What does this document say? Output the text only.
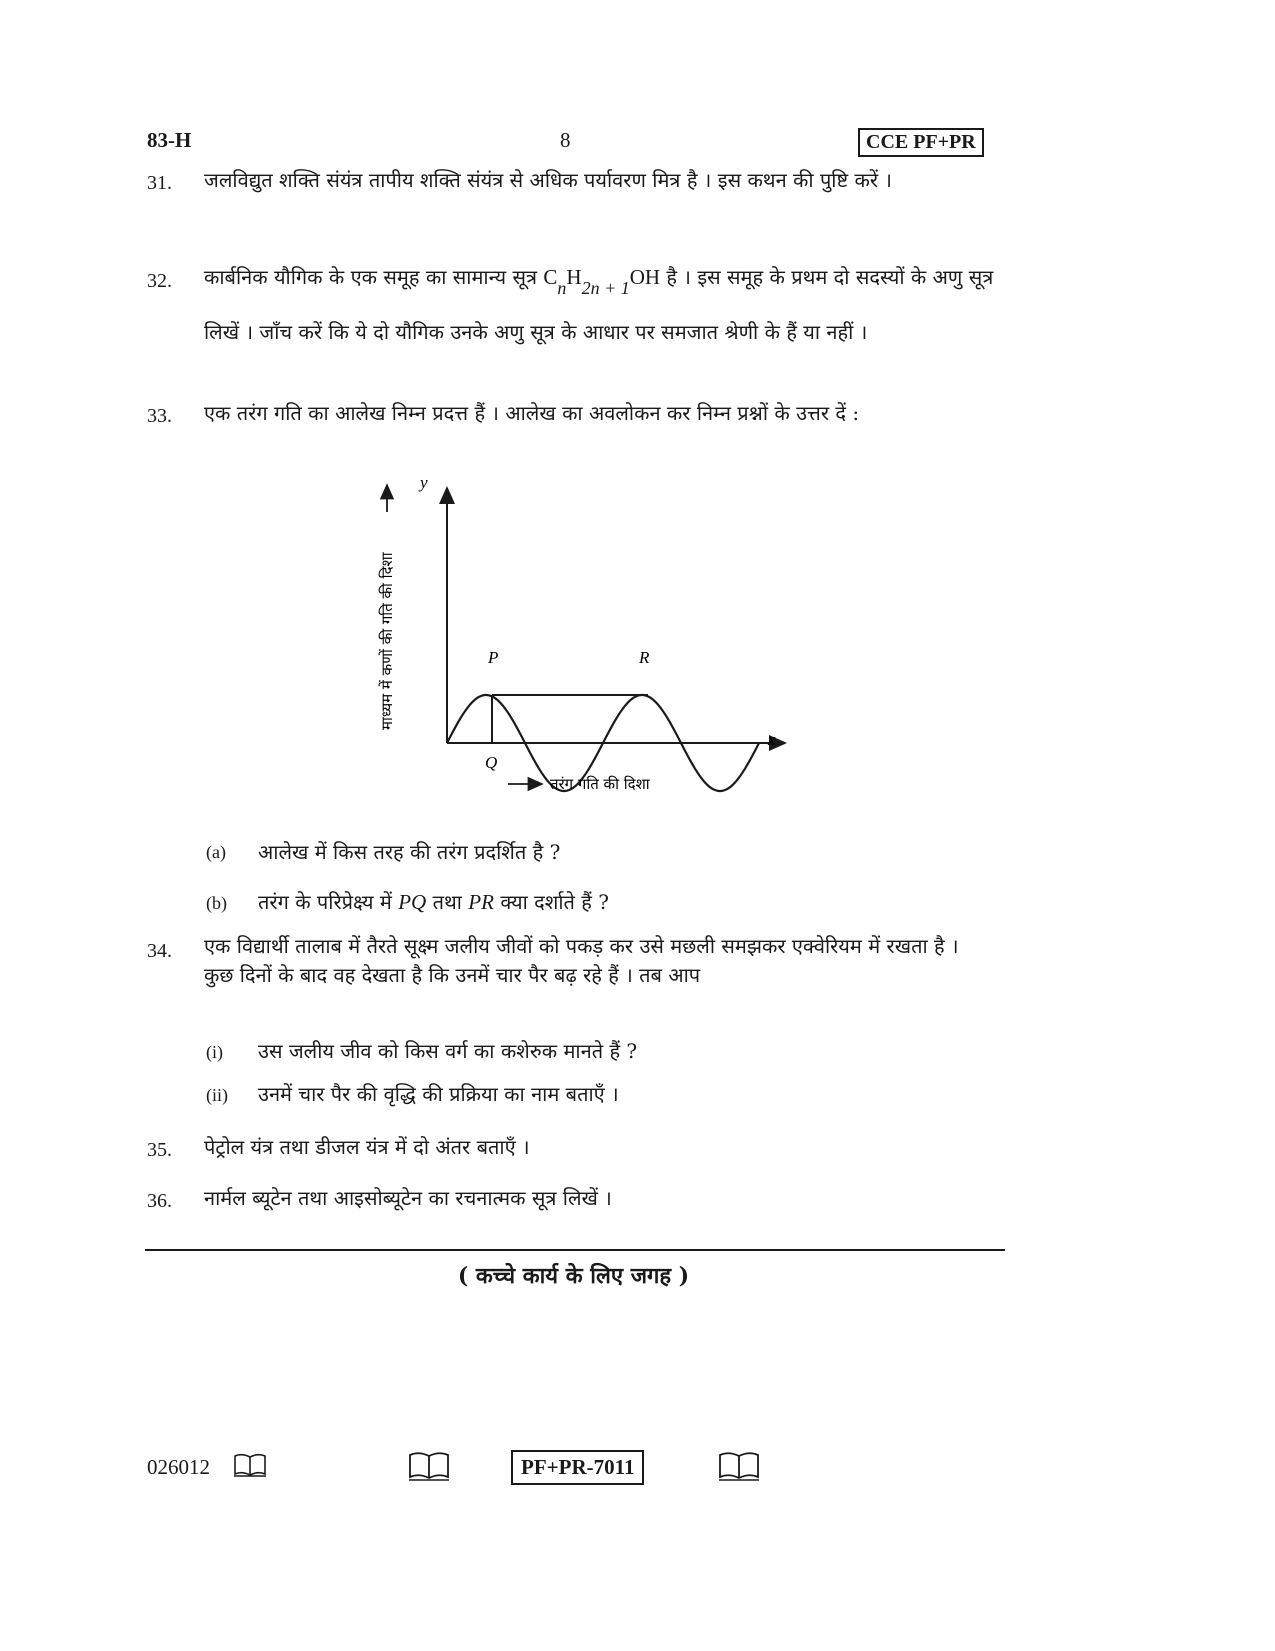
83-H	8	CCE PF+PR
31. जलविद्युत शक्ति संयंत्र तापीय शक्ति संयंत्र से अधिक पर्यावरण मित्र है । इस कथन की पुष्टि करें ।
32. कार्बनिक यौगिक के एक समूह का सामान्य सूत्र $C_nH_{2n + 1}OH$ है । इस समूह के प्रथम दो सदस्यों के अणु सूत्र लिखें । जाँच करें कि ये दो यौगिक उनके अणु सूत्र के आधार पर समजात श्रेणी के हैं या नहीं ।
33. एक तरंग गति का आलेख निम्न प्रदत्त हैं । आलेख का अवलोकन कर निम्न प्रश्नों के उत्तर दें :
y
x
P
Q
R
माध्यम में कणों की गति की दिशा
तरंग गति की दिशा
(a) आलेख में किस तरह की तरंग प्रदर्शित है ?
(b) तरंग के परिप्रेक्ष्य में PQ तथा PR क्या दर्शाते हैं ?
34. एक विद्यार्थी तालाब में तैरते सूक्ष्म जलीय जीवों को पकड़ कर उसे मछली समझकर एक्वेरियम में रखता है । कुछ दिनों के बाद वह देखता है कि उनमें चार पैर बढ़ रहे हैं । तब आप
(i) उस जलीय जीव को किस वर्ग का कशेरुक मानते हैं ?
(ii) उनमें चार पैर की वृद्धि की प्रक्रिया का नाम बताएँ ।
35. पेट्रोल यंत्र तथा डीजल यंत्र में दो अंतर बताएँ ।
36. नार्मल ब्यूटेन तथा आइसोब्यूटेन का रचनात्मक सूत्र लिखें ।
( कच्चे कार्य के लिए जगह )
026012	PF+PR-7011
